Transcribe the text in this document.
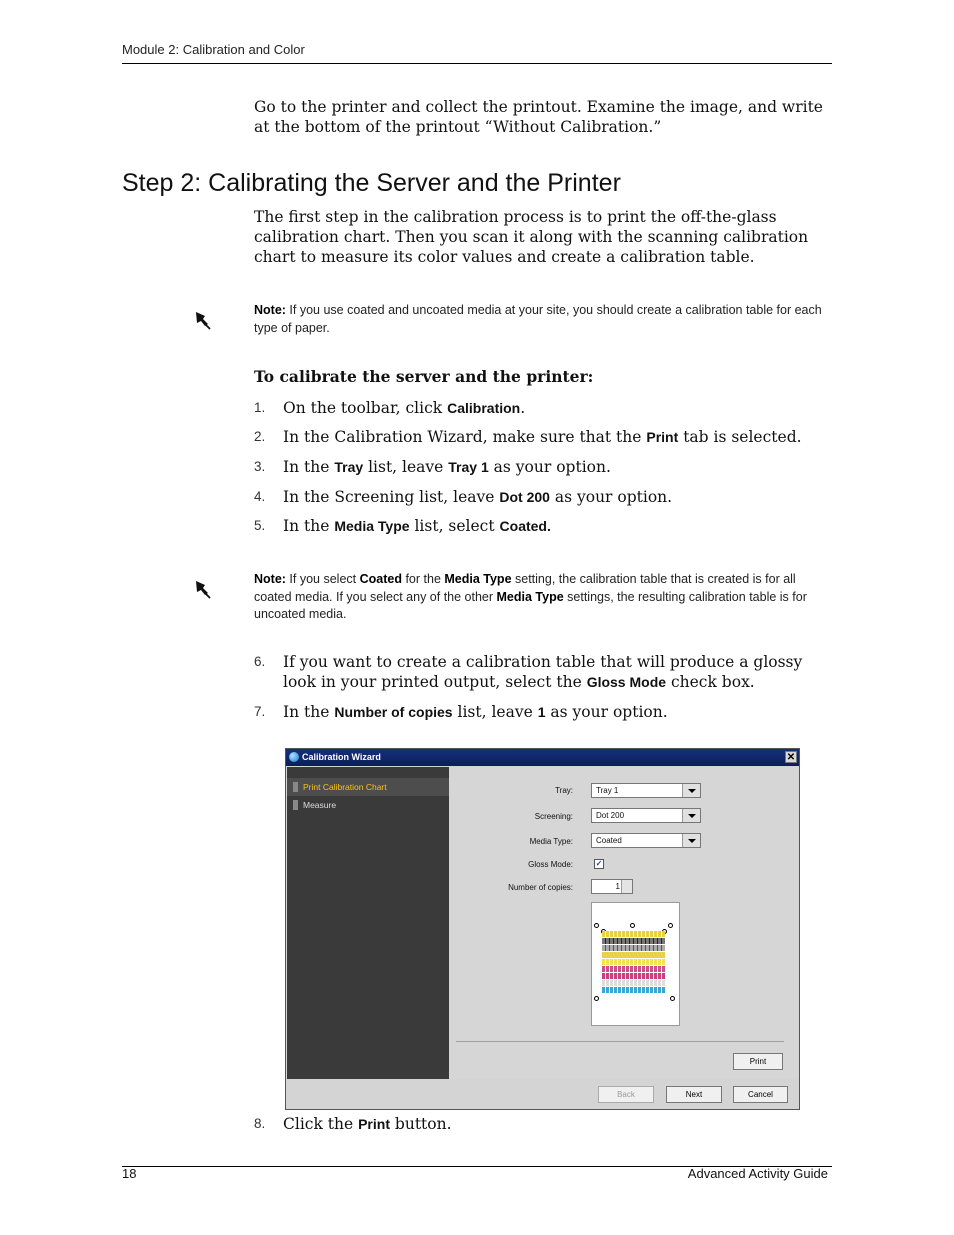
Module 2: Calibration and Color
Go to the printer and collect the printout. Examine the image, and write at the bottom of the printout “Without Calibration.”
Step 2: Calibrating the Server and the Printer
The first step in the calibration process is to print the off-the-glass calibration chart. Then you scan it along with the scanning calibration chart to measure its color values and create a calibration table.
Note: If you use coated and uncoated media at your site, you should create a calibration table for each type of paper.
To calibrate the server and the printer:
1. On the toolbar, click Calibration.
2. In the Calibration Wizard, make sure that the Print tab is selected.
3. In the Tray list, leave Tray 1 as your option.
4. In the Screening list, leave Dot 200 as your option.
5. In the Media Type list, select Coated.
Note: If you select Coated for the Media Type setting, the calibration table that is created is for all coated media. If you select any of the other Media Type settings, the resulting calibration table is for uncoated media.
6. If you want to create a calibration table that will produce a glossy look in your printed output, select the Gloss Mode check box.
7. In the Number of copies list, leave 1 as your option.
Calibration Wizard	✕
Print Calibration Chart
Measure
Tray:	Tray 1
Screening:	Dot 200
Media Type:	Coated
Gloss Mode:	✓
Number of copies:	1
Print
Back	Next	Cancel
8. Click the Print button.
18	Advanced Activity Guide
